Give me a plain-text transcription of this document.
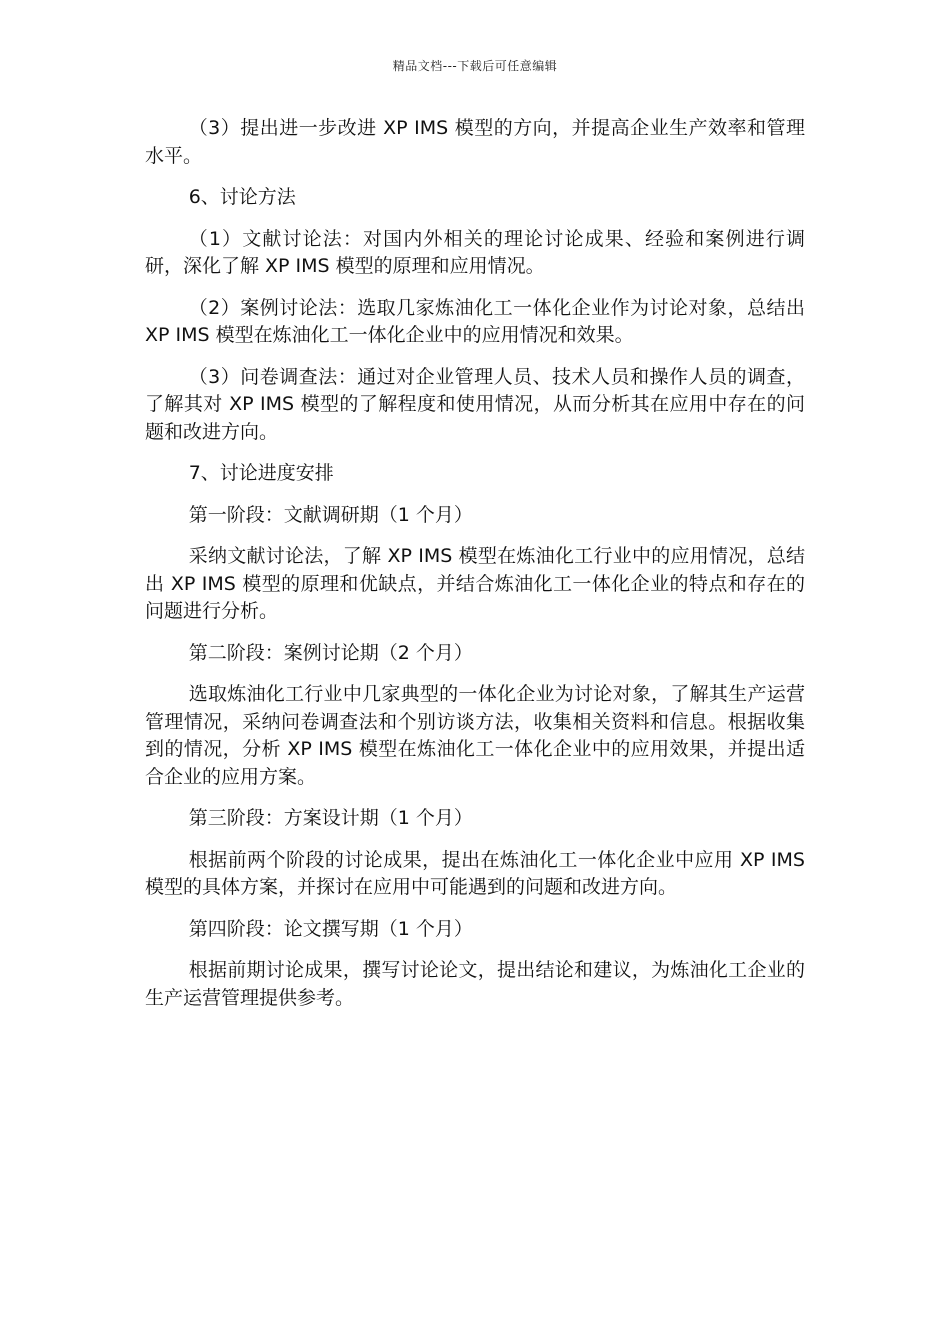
精品文档---下载后可任意编辑

（3）提出进一步改进 XP IMS 模型的方向，并提高企业生产效率和管理水平。

6、讨论方法

（1）文献讨论法：对国内外相关的理论讨论成果、经验和案例进行调研，深化了解 XP IMS 模型的原理和应用情况。

（2）案例讨论法：选取几家炼油化工一体化企业作为讨论对象，总结出 XP IMS 模型在炼油化工一体化企业中的应用情况和效果。

（3）问卷调查法：通过对企业管理人员、技术人员和操作人员的调查，了解其对 XP IMS 模型的了解程度和使用情况，从而分析其在应用中存在的问题和改进方向。

7、讨论进度安排

第一阶段：文献调研期（1 个月）

采纳文献讨论法，了解 XP IMS 模型在炼油化工行业中的应用情况，总结出 XP IMS 模型的原理和优缺点，并结合炼油化工一体化企业的特点和存在的问题进行分析。

第二阶段：案例讨论期（2 个月）

选取炼油化工行业中几家典型的一体化企业为讨论对象，了解其生产运营管理情况，采纳问卷调查法和个别访谈方法，收集相关资料和信息。根据收集到的情况，分析 XP IMS 模型在炼油化工一体化企业中的应用效果，并提出适合企业的应用方案。

第三阶段：方案设计期（1 个月）

根据前两个阶段的讨论成果，提出在炼油化工一体化企业中应用 XP IMS 模型的具体方案，并探讨在应用中可能遇到的问题和改进方向。

第四阶段：论文撰写期（1 个月）

根据前期讨论成果，撰写讨论论文，提出结论和建议，为炼油化工企业的生产运营管理提供参考。
